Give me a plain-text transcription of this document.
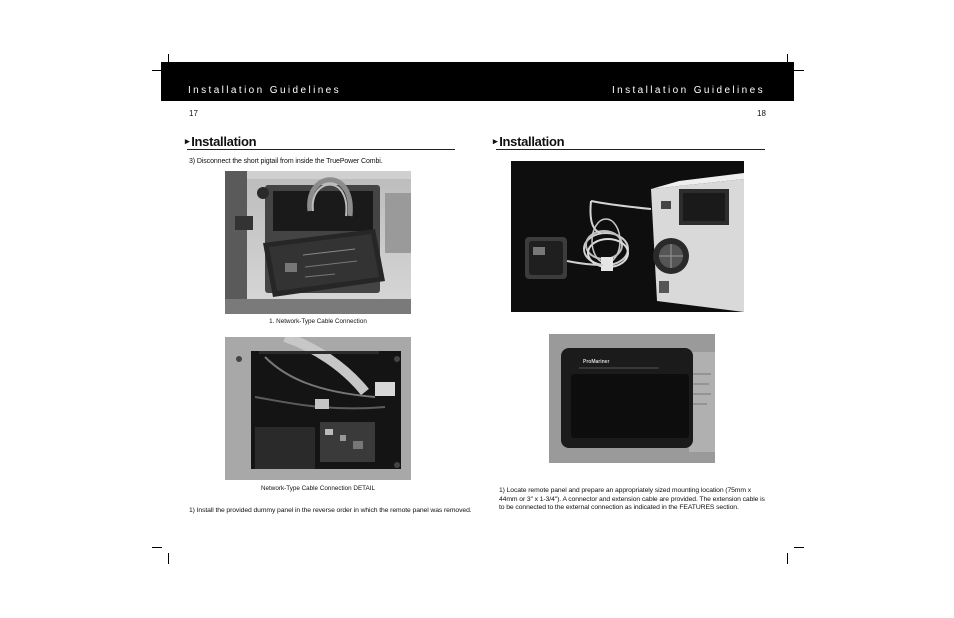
Installation Guidelines	Installation Guidelines
17
▸ Installation
3) Disconnect the short pigtail from inside the TruePower Combi.
1. Network-Type Cable Connection
Network-Type Cable Connection DETAIL
1) Install the provided dummy panel in the reverse order in which the remote panel was removed.
18
▸ Installation
ProMariner
1) Locate remote panel and prepare an appropriately sized mounting location (75mm x 44mm or 3" x 1-3/4"). A connector and extension cable are provided. The extension cable is to be connected to the external connection as indicated in the FEATURES section.
